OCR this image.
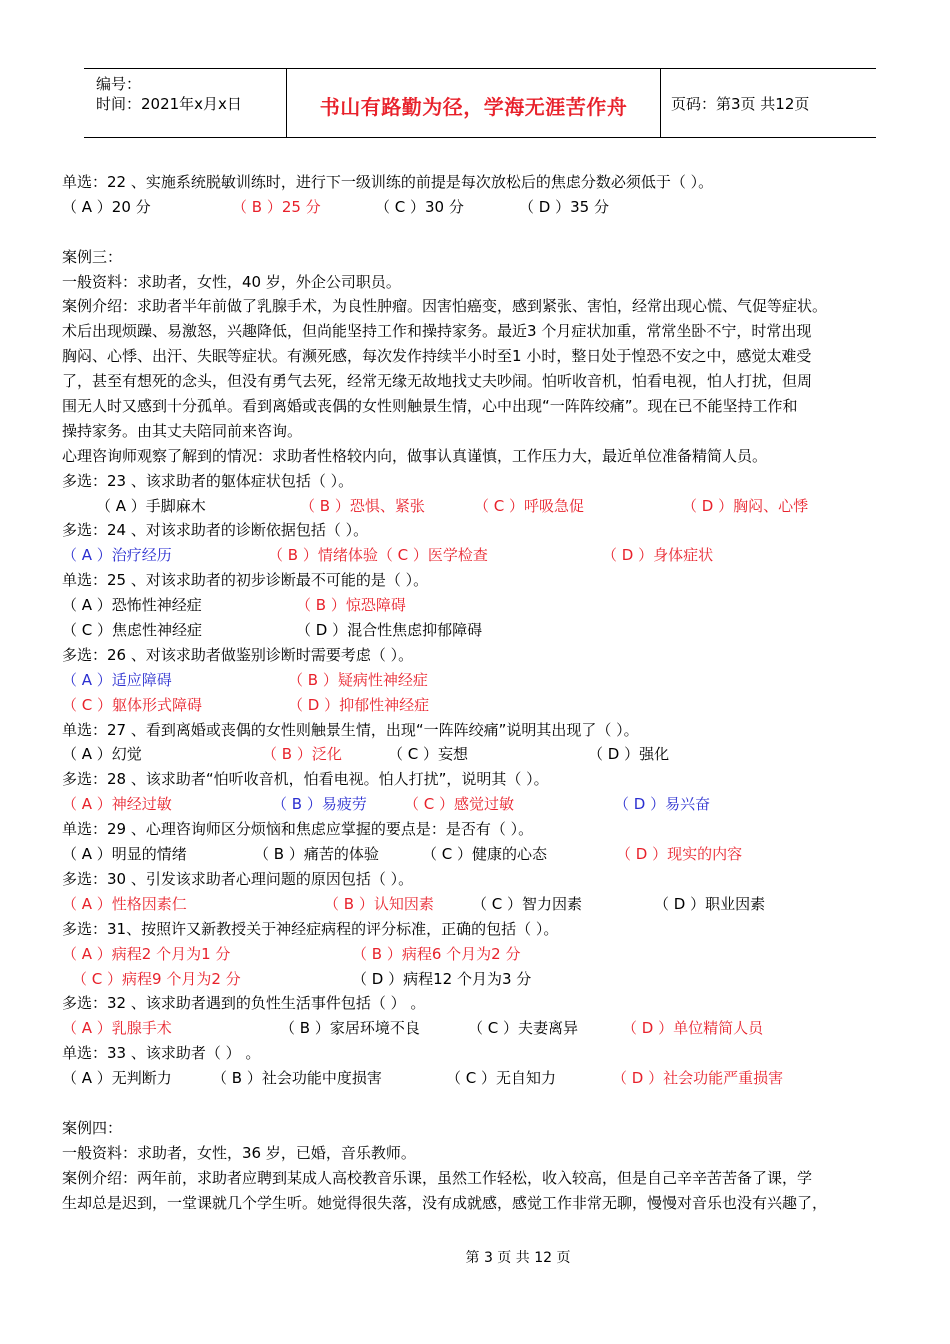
编号：
时间：2021年x月x日	书山有路勤为径，学海无涯苦作舟	页码：第3页 共12页
单选：22 、实施系统脱敏训练时，进行下一级训练的前提是每次放松后的焦虑分数必须低于（ ）。
（ A ）20 分	（ B ）25 分	（ C ）30 分	（ D ）35 分
案例三：
一般资料：求助者，女性，40 岁，外企公司职员。
案例介绍：求助者半年前做了乳腺手术，为良性肿瘤。因害怕癌变，感到紧张、害怕，经常出现心慌、气促等症状。
术后出现烦躁、易激怒，兴趣降低，但尚能坚持工作和操持家务。最近3 个月症状加重，常常坐卧不宁，时常出现
胸闷、心悸、出汗、失眠等症状。有濒死感，每次发作持续半小时至1 小时，整日处于惶恐不安之中，感觉太难受
了，甚至有想死的念头，但没有勇气去死，经常无缘无故地找丈夫吵闹。怕听收音机，怕看电视，怕人打扰，但周
围无人时又感到十分孤单。看到离婚或丧偶的女性则触景生情，心中出现“一阵阵绞痛”。现在已不能坚持工作和
操持家务。由其丈夫陪同前来咨询。
心理咨询师观察了解到的情况：求助者性格较内向，做事认真谨慎，工作压力大，最近单位准备精简人员。
多选：23 、该求助者的躯体症状包括（ ）。
（ A ）手脚麻木	（ B ）恐惧、紧张	（ C ）呼吸急促	（ D ）胸闷、心悸
多选：24 、对该求助者的诊断依据包括（ ）。
（ A ）治疗经历	（ B ）情绪体验（ C ）医学检查	（ D ）身体症状
单选：25 、对该求助者的初步诊断最不可能的是（ ）。
（ A ）恐怖性神经症	（ B ）惊恐障碍
（ C ）焦虑性神经症	（ D ）混合性焦虑抑郁障碍
多选：26 、对该求助者做鉴别诊断时需要考虑（ ）。
（ A ）适应障碍	（ B ）疑病性神经症
（ C ）躯体形式障碍	（ D ）抑郁性神经症
单选：27 、看到离婚或丧偶的女性则触景生情，出现“一阵阵绞痛”说明其出现了（ ）。
（ A ）幻觉	（ B ）泛化	（ C ）妄想	（ D ）强化
多选：28 、该求助者“怕听收音机，怕看电视。怕人打扰”，说明其（ ）。
（ A ）神经过敏	（ B ）易疲劳 （ C ）感觉过敏	（ D ）易兴奋
单选：29 、心理咨询师区分烦恼和焦虑应掌握的要点是：是否有（ ）。
（ A ）明显的情绪	（ B ）痛苦的体验	（ C ）健康的心态	（ D ）现实的内容
多选：30 、引发该求助者心理问题的原因包括（ ）。
（ A ）性格因素仁	（ B ）认知因素	（ C ）智力因素	（ D ）职业因素
多选：31、按照许又新教授关于神经症病程的评分标准，正确的包括（ ）。
（ A ）病程2 个月为1 分	（ B ）病程6 个月为2 分
（ C ）病程9 个月为2 分	（ D ）病程12 个月为3 分
多选：32 、该求助者遇到的负性生活事件包括（ ） 。
（ A ）乳腺手术	（ B ）家居环境不良	（ C ）夫妻离异	（ D ）单位精简人员
单选：33 、该求助者（ ） 。
（ A ）无判断力	（ B ）社会功能中度损害	（ C ）无自知力	（ D ）社会功能严重损害
案例四：
一般资料：求助者，女性，36 岁，已婚，音乐教师。
案例介绍：两年前，求助者应聘到某成人高校教音乐课，虽然工作轻松，收入较高，但是自己辛辛苦苦备了课，学
生却总是迟到，一堂课就几个学生听。她觉得很失落，没有成就感，感觉工作非常无聊，慢慢对音乐也没有兴趣了，
第 3 页 共 12 页
